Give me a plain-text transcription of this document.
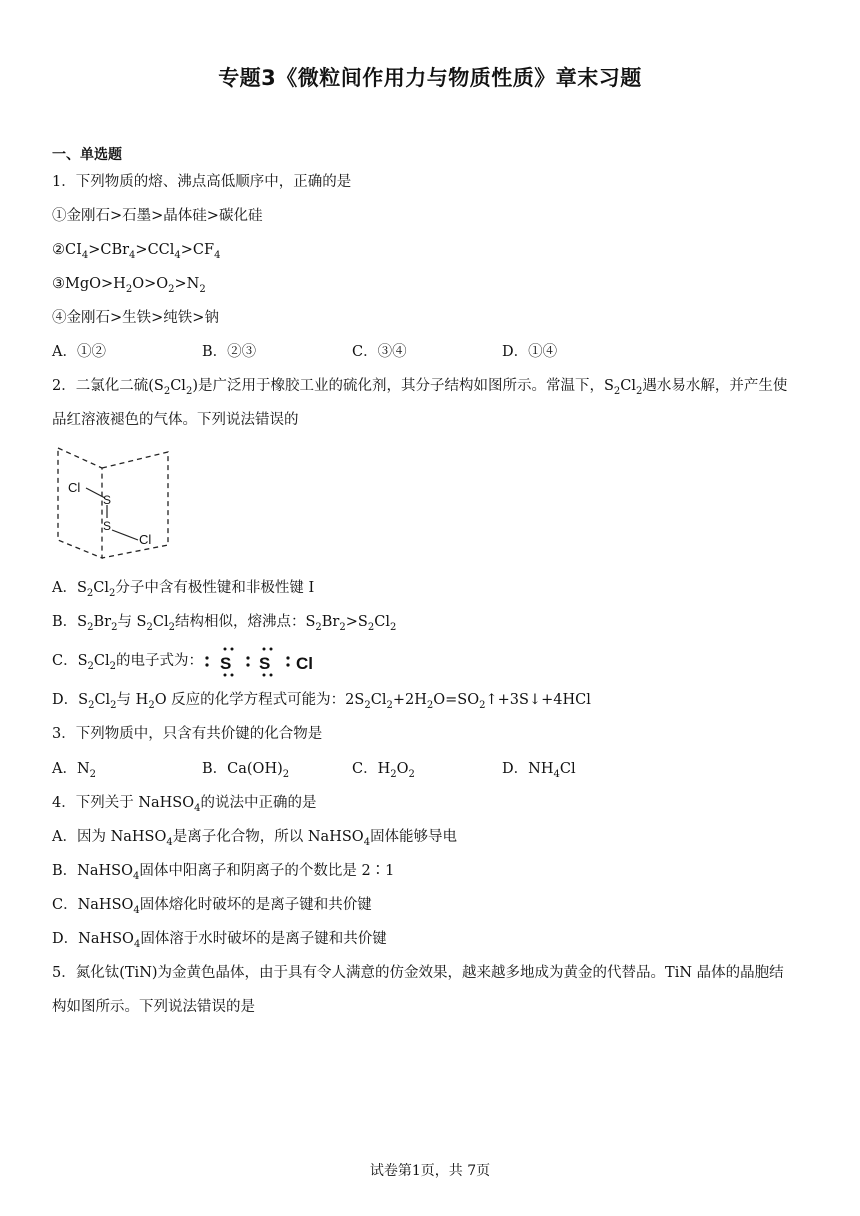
专题3《微粒间作用力与物质性质》章末习题
一、单选题
1．下列物质的熔、沸点高低顺序中，正确的是
①金刚石>石墨>晶体硅>碳化硅
$②CI_4>CBr_4>CCl_4>CF_4$
$③MgO>H_2O>O_2>N_2$
④金刚石>生铁>纯铁>钠
A．①②	B．②③	C．③④	D．①④
2．二氯化二硫$(S_2Cl_2)$是广泛用于橡胶工业的硫化剂，其分子结构如图所示。常温下，$S_2Cl_2$遇水易水解，并产生使
品红溶液褪色的气体。下列说法错误的
Cl
S
S
Cl
A．$S_2Cl_2$分子中含有极性键和非极性键 I
B．$S_2Br_2$与 $S_2Cl_2$结构相似，熔沸点：$S_2Br_2>S_2Cl_2$
C．$S_2Cl_2$的电子式为： S S Cl
D．$S_2Cl_2$与 $H_2O$ 反应的化学方程式可能为：$2S_2Cl_2+2H_2O=SO_2↑+3S↓+4HCl$
3．下列物质中，只含有共价键的化合物是
A．$N_2$	B．$Ca(OH)_2$	C．$H_2O_2$	D．$NH_4Cl$
4．下列关于 NaHSO$_4$的说法中正确的是
A．因为 NaHSO$_4$是离子化合物，所以 NaHSO$_4$固体能够导电
B．NaHSO$_4$固体中阳离子和阴离子的个数比是 2∶1
C．NaHSO$_4$固体熔化时破坏的是离子键和共价键
D．NaHSO$_4$固体溶于水时破坏的是离子键和共价键
5．氮化钛(TiN)为金黄色晶体，由于具有令人满意的仿金效果，越来越多地成为黄金的代替品。TiN 晶体的晶胞结
构如图所示。下列说法错误的是
试卷第1页，共 7页
